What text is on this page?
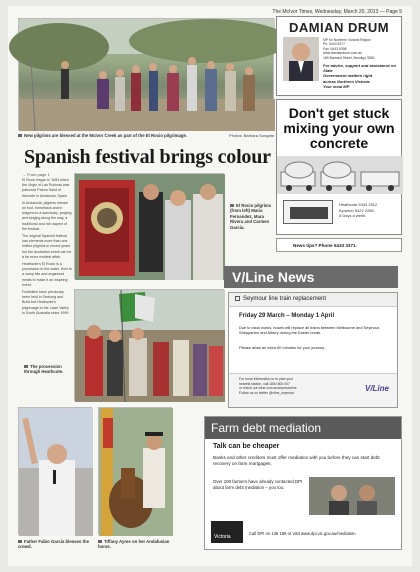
The McIvor Times, Wednesday, March 20, 2013 — Page 5
New pilgrims are blessed at the McIvor Creek as part of the El Rocio pilgrimage.	Photos: Barbara Sungate
Spanish festival brings colour
→ From page 1

El Rocio began in 1653 when the Virgin of Las Rocinas was patroned Patron Saint of Almonte in Andalusia, Spain.

In Andalusia, pilgrims stream on foot, horseback and in wagons to a sanctuary, praying and singing along the way, a traditional and rich aspect of the festival.

The original Spanish festival has elements more than one million pilgrims in recent years but the Australian event can be a far more modest affair.

Heathcote's El Rocio is a procession to the water, then to a camp site and organised meals to make it an inspiring event.

Festivities have previously been held in Geelong and Bulla but Heathcote's pilgrimage to the Lawn Valley in South Australia since 1999.

El Rocio pilgrims (from left) Maria Fernandez, Mara Rivera and Carmen Garcia.
The procession through Heathcote.
Father Fabio Garcia blesses the crowd.
Tiffany Ayres on her Andalusian horse.
DAMIAN DRUM
MP for Northern Victoria Region
Ph: 5443 6377
Fax: 5443 6398
www.damiandrum.com.au
189 Barnard Street, Bendigo 3550
For advice, support and assistance on State
Government matters right
across Northern Victoria.
Your local MP.
Don't get stuck mixing your own concrete
Heathcote 5433 2512
Kyneton 5422 2266
6 Days a week
News tips? Phone 5433 3371.
V/Line News
Seymour line train replacement
Friday 29 March – Monday 1 April
Due to track works, buses will replace all trains between Melbourne and Seymour, Shepparton and Albury during the Easter break.
Please allow an extra 60 minutes for your journey.
For more information or to plan your
nearest station, call 1800 800 007
or check out vline.com.au/seymourline
Follow us on twitter @vline_seymour	V/Line
Farm debt mediation
Talk can be cheaper
Banks and other creditors must offer mediation with you before they can start debt recovery on farm mortgages.
Over 100 farmers have already contacted DPI about farm debt mediation – you too.
Victoria
Call DPI on 136 186 or visit www.dpi.vic.gov.au/mediation
